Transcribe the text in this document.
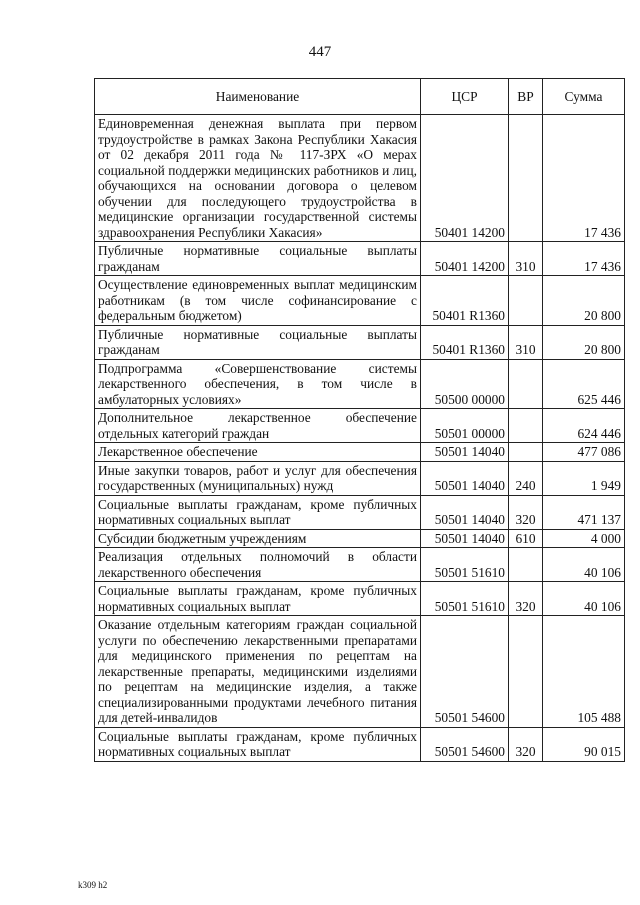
447
Наименование	ЦСР	ВР	Сумма
Единовременная денежная выплата при первом трудоустройстве в рамках Закона Республики Хакасия от 02 декабря 2011 года № 117-ЗРХ «О мерах социальной поддержки медицинских работников и лиц, обучающихся на основании договора о целевом обучении для последующего трудоустройства в медицинские организации государственной системы здравоохранения Республики Хакасия»	50401 14200		17 436
Публичные нормативные социальные выплаты гражданам	50401 14200	310	17 436
Осуществление единовременных выплат медицинским работникам (в том числе софинансирование с федеральным бюджетом)	50401 R1360		20 800
Публичные нормативные социальные выплаты гражданам	50401 R1360	310	20 800
Подпрограмма «Совершенствование системы лекарственного обеспечения, в том числе в амбулаторных условиях»	50500 00000		625 446
Дополнительное лекарственное обеспечение отдельных категорий граждан	50501 00000		624 446
Лекарственное обеспечение	50501 14040		477 086
Иные закупки товаров, работ и услуг для обеспечения государственных (муниципальных) нужд	50501 14040	240	1 949
Социальные выплаты гражданам, кроме публичных нормативных социальных выплат	50501 14040	320	471 137
Субсидии бюджетным учреждениям	50501 14040	610	4 000
Реализация отдельных полномочий в области лекарственного обеспечения	50501 51610		40 106
Социальные выплаты гражданам, кроме публичных нормативных социальных выплат	50501 51610	320	40 106
Оказание отдельным категориям граждан социальной услуги по обеспечению лекарственными препаратами для медицинского применения по рецептам на лекарственные препараты, медицинскими изделиями по рецептам на медицинские изделия, а также специализированными продуктами лечебного питания для детей-инвалидов	50501 54600		105 488
Социальные выплаты гражданам, кроме публичных нормативных социальных выплат	50501 54600	320	90 015
k309 h2
